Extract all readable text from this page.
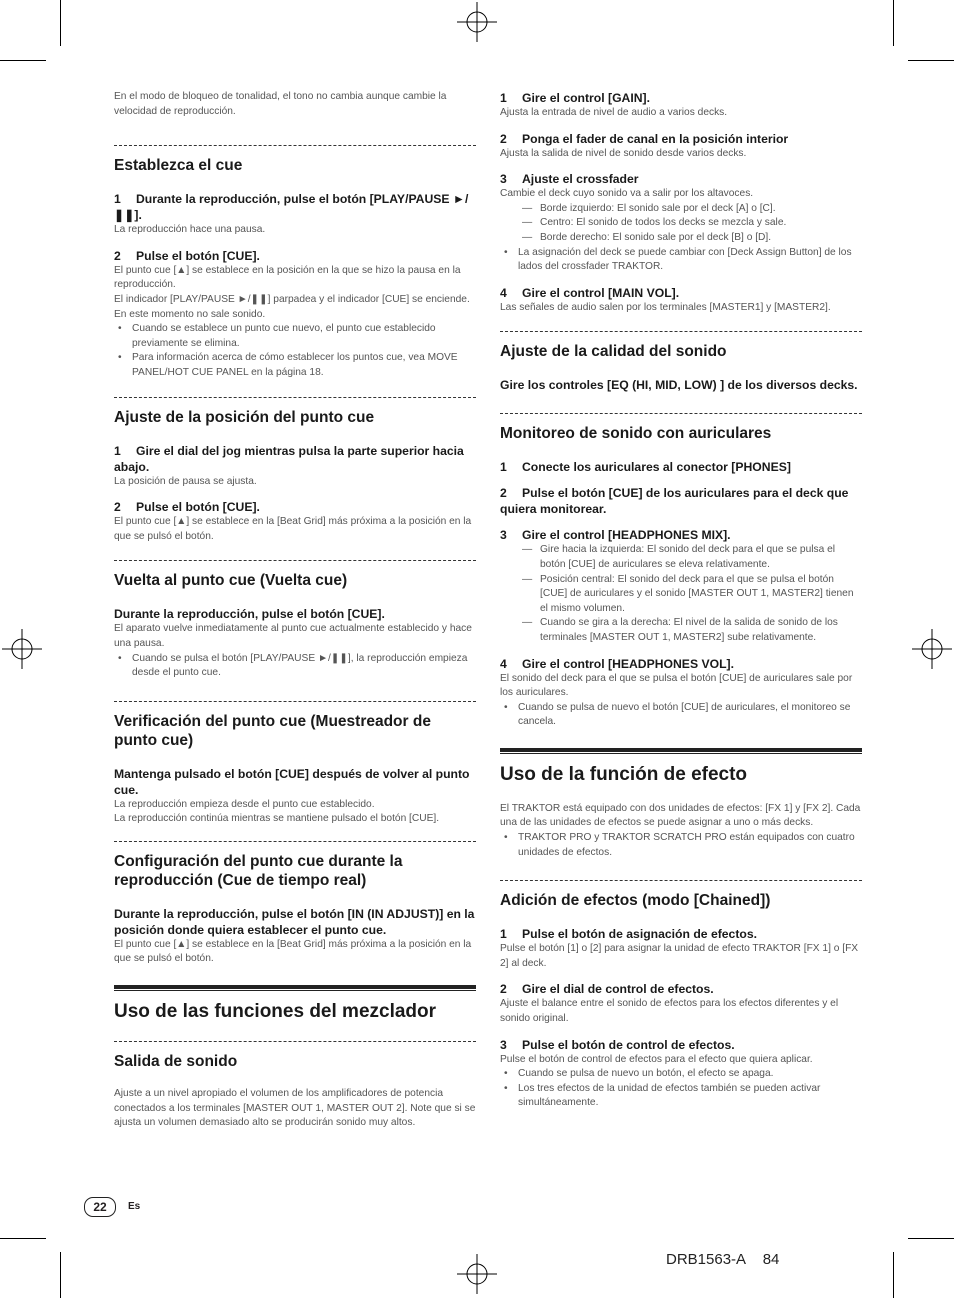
En el modo de bloqueo de tonalidad, el tono no cambia aunque cambie la velocidad de reproducción.

Establezca el cue

1 Durante la reproducción, pulse el botón [PLAY/PAUSE ►/❚❚].

La reproducción hace una pausa.

2 Pulse el botón [CUE].

El punto cue [▲] se establece en la posición en la que se hizo la pausa en la reproducción.

El indicador [PLAY/PAUSE ►/❚❚] parpadea y el indicador [CUE] se enciende.

En este momento no sale sonido.

• Cuando se establece un punto cue nuevo, el punto cue establecido previamente se elimina.
• Para información acerca de cómo establecer los puntos cue, vea MOVE PANEL/HOT CUE PANEL en la página 18.
Ajuste de la posición del punto cue

1 Gire el dial del jog mientras pulsa la parte superior hacia abajo.

La posición de pausa se ajusta.

2 Pulse el botón [CUE].

El punto cue [▲] se establece en la [Beat Grid] más próxima a la posición en la que se pulsó el botón.

Vuelta al punto cue (Vuelta cue)

Durante la reproducción, pulse el botón [CUE].

El aparato vuelve inmediatamente al punto cue actualmente establecido y hace una pausa.

• Cuando se pulsa el botón [PLAY/PAUSE ►/❚❚], la reproducción empieza desde el punto cue.
Verificación del punto cue (Muestreador de punto cue)

Mantenga pulsado el botón [CUE] después de volver al punto cue.

La reproducción empieza desde el punto cue establecido.

La reproducción continúa mientras se mantiene pulsado el botón [CUE].

Configuración del punto cue durante la reproducción (Cue de tiempo real)

Durante la reproducción, pulse el botón [IN (IN ADJUST)] en la posición donde quiera establecer el punto cue.

El punto cue [▲] se establece en la [Beat Grid] más próxima a la posición en la que se pulsó el botón.

Uso de las funciones del mezclador
Salida de sonido

Ajuste a un nivel apropiado el volumen de los amplificadores de potencia conectados a los terminales [MASTER OUT 1, MASTER OUT 2]. Note que si se ajusta un volumen demasiado alto se producirán sonido muy altos.

1 Gire el control [GAIN].

Ajusta la entrada de nivel de audio a varios decks.

2 Ponga el fader de canal en la posición interior

Ajusta la salida de nivel de sonido desde varios decks.

3 Ajuste el crossfader

Cambie el deck cuyo sonido va a salir por los altavoces.

— Borde izquierdo: El sonido sale por el deck [A] o [C].
— Centro: El sonido de todos los decks se mezcla y sale.
— Borde derecho: El sonido sale por el deck [B] o [D].
• La asignación del deck se puede cambiar con [Deck Assign Button] de los lados del crossfader TRAKTOR.

4 Gire el control [MAIN VOL].

Las señales de audio salen por los terminales [MASTER1] y [MASTER2].

Ajuste de la calidad del sonido

Gire los controles [EQ (HI, MID, LOW) ] de los diversos decks.

Monitoreo de sonido con auriculares

1 Conecte los auriculares al conector [PHONES]

2 Pulse el botón [CUE] de los auriculares para el deck que quiera monitorear.

3 Gire el control [HEADPHONES MIX].

— Gire hacia la izquierda: El sonido del deck para el que se pulsa el botón [CUE] de auriculares se eleva relativamente.
— Posición central: El sonido del deck para el que se pulsa el botón [CUE] de auriculares y el sonido [MASTER OUT 1, MASTER2] tienen el mismo volumen.
— Cuando se gira a la derecha: El nivel de la salida de sonido de los terminales [MASTER OUT 1, MASTER2] sube relativamente.

4 Gire el control [HEADPHONES VOL].

El sonido del deck para el que se pulsa el botón [CUE] de auriculares sale por los auriculares.

• Cuando se pulsa de nuevo el botón [CUE] de auriculares, el monitoreo se cancela.
Uso de la función de efecto

El TRAKTOR está equipado con dos unidades de efectos: [FX 1] y [FX 2]. Cada una de las unidades de efectos se puede asignar a uno o más decks.

• TRAKTOR PRO y TRAKTOR SCRATCH PRO están equipados con cuatro unidades de efectos.
Adición de efectos (modo [Chained])

1 Pulse el botón de asignación de efectos.

Pulse el botón [1] o [2] para asignar la unidad de efecto TRAKTOR [FX 1] o [FX 2] al deck.

2 Gire el dial de control de efectos.

Ajuste el balance entre el sonido de efectos para los efectos diferentes y el sonido original.

3 Pulse el botón de control de efectos.

Pulse el botón de control de efectos para el efecto que quiera aplicar.

• Cuando se pulsa de nuevo un botón, el efecto se apaga.
• Los tres efectos de la unidad de efectos también se pueden activar simultáneamente.
22	Es
DRB1563-A 84
